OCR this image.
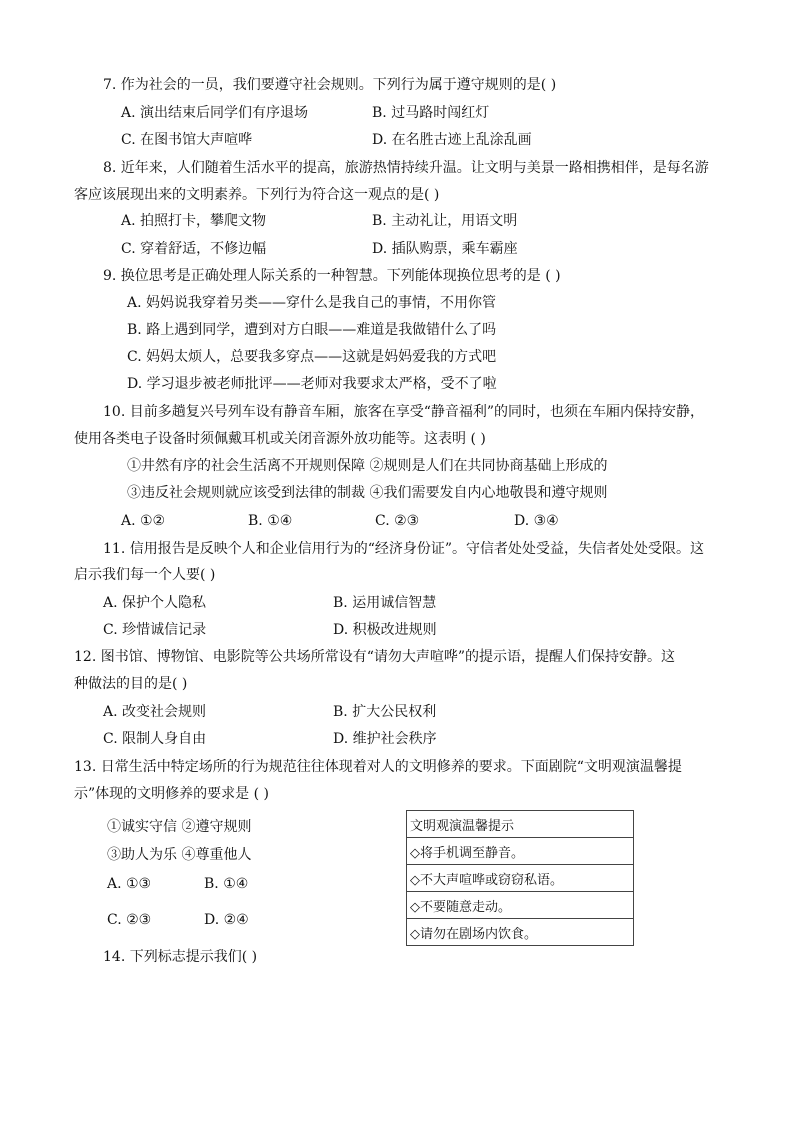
7. 作为社会的一员，我们要遵守社会规则。下列行为属于遵守规则的是( )
A. 演出结束后同学们有序退场	B. 过马路时闯红灯
C. 在图书馆大声喧哗	D. 在名胜古迹上乱涂乱画
8. 近年来，人们随着生活水平的提高，旅游热情持续升温。让文明与美景一路相携相伴，是每名游
客应该展现出来的文明素养。下列行为符合这一观点的是( )
A. 拍照打卡，攀爬文物	B. 主动礼让，用语文明
C. 穿着舒适，不修边幅	D. 插队购票，乘车霸座
9. 换位思考是正确处理人际关系的一种智慧。下列能体现换位思考的是 ( )
A. 妈妈说我穿着另类——穿什么是我自己的事情，不用你管
B. 路上遇到同学，遭到对方白眼——难道是我做错什么了吗
C. 妈妈太烦人，总要我多穿点——这就是妈妈爱我的方式吧
D. 学习退步被老师批评——老师对我要求太严格，受不了啦
10. 目前多趟复兴号列车设有静音车厢，旅客在享受“静音福利”的同时，也须在车厢内保持安静，
使用各类电子设备时须佩戴耳机或关闭音源外放功能等。这表明 ( )
①井然有序的社会生活离不开规则保障 ②规则是人们在共同协商基础上形成的
③违反社会规则就应该受到法律的制裁 ④我们需要发自内心地敬畏和遵守规则
A. ①②	B. ①④	C. ②③	D. ③④
11. 信用报告是反映个人和企业信用行为的“经济身份证”。守信者处处受益，失信者处处受限。这
启示我们每一个人要( )
A. 保护个人隐私	B. 运用诚信智慧
C. 珍惜诚信记录	D. 积极改进规则
12. 图书馆、博物馆、电影院等公共场所常设有“请勿大声喧哗”的提示语，提醒人们保持安静。这
种做法的目的是( )
A. 改变社会规则	B. 扩大公民权利
C. 限制人身自由	D. 维护社会秩序
13. 日常生活中特定场所的行为规范往往体现着对人的文明修养的要求。下面剧院“文明观演温馨提
示”体现的文明修养的要求是 ( )
①诚实守信 ②遵守规则
③助人为乐 ④尊重他人
A. ①③	B. ①④
C. ②③	D. ②④
文明观演温馨提示
◇将手机调至静音。
◇不大声喧哗或窃窃私语。
◇不要随意走动。
◇请勿在剧场内饮食。
14. 下列标志提示我们( )
